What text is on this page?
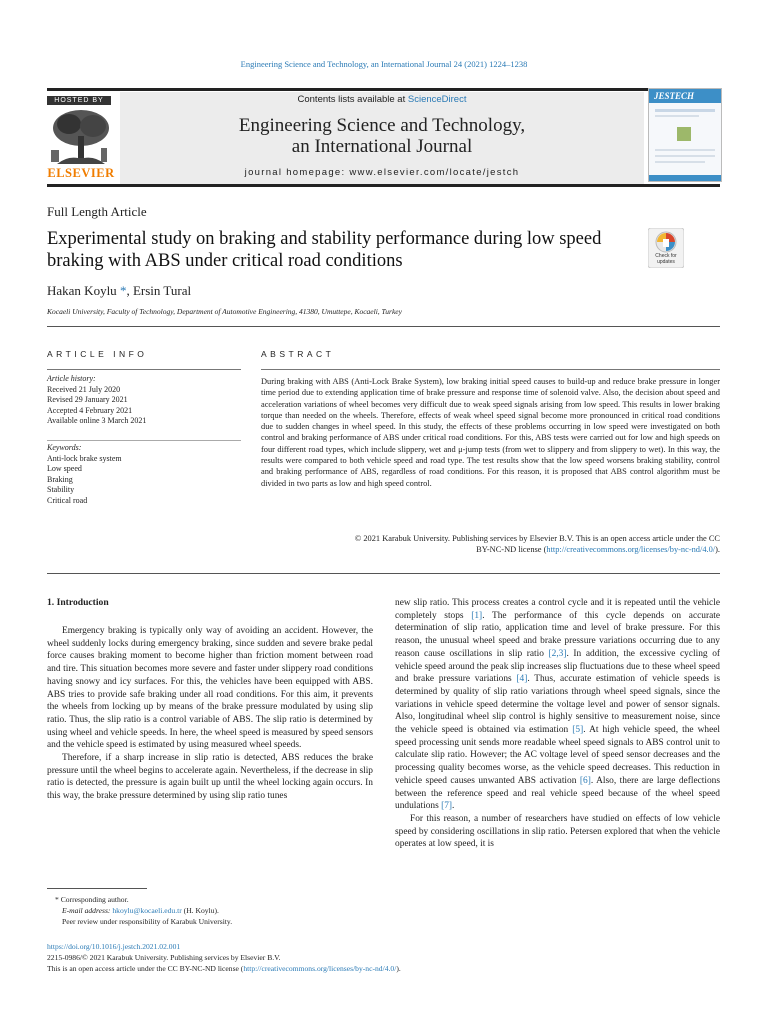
Engineering Science and Technology, an International Journal 24 (2021) 1224–1238
HOSTED BY
ELSEVIER
Contents lists available at ScienceDirect
Engineering Science and Technology,
an International Journal
journal homepage: www.elsevier.com/locate/jestch
JESTECH
Full Length Article
Experimental study on braking and stability performance during low speed braking with ABS under critical road conditions	Check for updates
Hakan Koylu *, Ersin Tural
Kocaeli University, Faculty of Technology, Department of Automotive Engineering, 41380, Umuttepe, Kocaeli, Turkey
ARTICLE INFO
Article history:
Received 21 July 2020
Revised 29 January 2021
Accepted 4 February 2021
Available online 3 March 2021
Keywords:
Anti-lock brake system
Low speed
Braking
Stability
Critical road
ABSTRACT
During braking with ABS (Anti-Lock Brake System), low braking initial speed causes to build-up and reduce brake pressure in longer time period due to extending application time of brake pressure and response time of solenoid valve. Also, the decision about speed and acceleration variations of wheel becomes very difficult due to weak speed signals arising from low speed. This results in lower braking torque than needed on the wheels. Therefore, effects of weak wheel speed signal become more pronounced in critical road conditions due to sudden changes in wheel speed. In this study, the effects of these problems occurring in low speed were investigated on both control and braking performance of ABS under critical road conditions. For this, ABS tests were carried out for low and high speeds on four different road types, which include slippery, wet and μ-jump tests (from wet to slippery and from slippery to wet). In this way, the results were compared to both vehicle speed and road type. The test results show that the low speed worsens braking stability, control and braking performance of ABS, regardless of road conditions. For this reason, it is proposed that ABS control algorithm must be divided in two parts as low and high speed control.
© 2021 Karabuk University. Publishing services by Elsevier B.V. This is an open access article under the CC
BY-NC-ND license (http://creativecommons.org/licenses/by-nc-nd/4.0/).
1. Introduction

Emergency braking is typically only way of avoiding an accident. However, the wheel suddenly locks during emergency braking, since sudden and severe brake pedal force causes braking moment to become higher than friction moment between road and tire. This situation becomes more severe and faster under slippery road conditions having snowy and icy surfaces. For this, the vehicles have been equipped with ABS. ABS tries to provide safe braking under all road conditions. For this aim, it prevents the wheels from locking up by means of the brake pressure modulated by using slip ratio. Thus, the slip ratio is a control variable of ABS. The slip ratio is determined by using wheel and vehicle speeds. In here, the wheel speed is measured by speed sensors and the vehicle speed is estimated by using measured wheel speeds.

Therefore, if a sharp increase in slip ratio is detected, ABS reduces the brake pressure until the wheel begins to accelerate again. Nevertheless, if the decrease in slip ratio is detected, the pressure is again built up until the wheel locking again occurs. In this way, the brake pressure determined by using slip ratio tunes

new slip ratio. This process creates a control cycle and it is repeated until the vehicle completely stops [1]. The performance of this cycle depends on accurate determination of slip ratio, application time and level of brake pressure. For this reason, the unusual wheel speed and brake pressure variations occurring due to any reason cause oscillations in slip ratio [2,3]. In addition, the excessive cycling of vehicle speed around the peak slip increases slip fluctuations due to these wheel speed and brake pressure variations [4]. Thus, accurate estimation of vehicle speeds is determined by quality of slip ratio variations through wheel speed signals, since the variations in vehicle speed determine the voltage level and power of sensor signals. Also, longitudinal wheel slip control is highly sensitive to measurement noise, since the vehicle speed is obtained via estimation [5]. At high vehicle speed, the wheel speed processing unit sends more readable wheel speed signals to ABS control unit to calculate slip ratio. However; the AC voltage level of speed sensor decreases and the processing quality becomes worse, as the vehicle speed decreases. This reduction in vehicle speed causes unwanted ABS activation [6]. Also, there are large deflections between the reference speed and real vehicle speed because of the wheel speed undulations [7].

For this reason, a number of researchers have studied on effects of low vehicle speed by considering oscillations in slip ratio. Petersen explored that when the vehicle operates at low speed, it is

* Corresponding author.
E-mail address: hkoylu@kocaeli.edu.tr (H. Koylu).
Peer review under responsibility of Karabuk University.
https://doi.org/10.1016/j.jestch.2021.02.001
2215-0986/© 2021 Karabuk University. Publishing services by Elsevier B.V.
This is an open access article under the CC BY-NC-ND license (http://creativecommons.org/licenses/by-nc-nd/4.0/).
